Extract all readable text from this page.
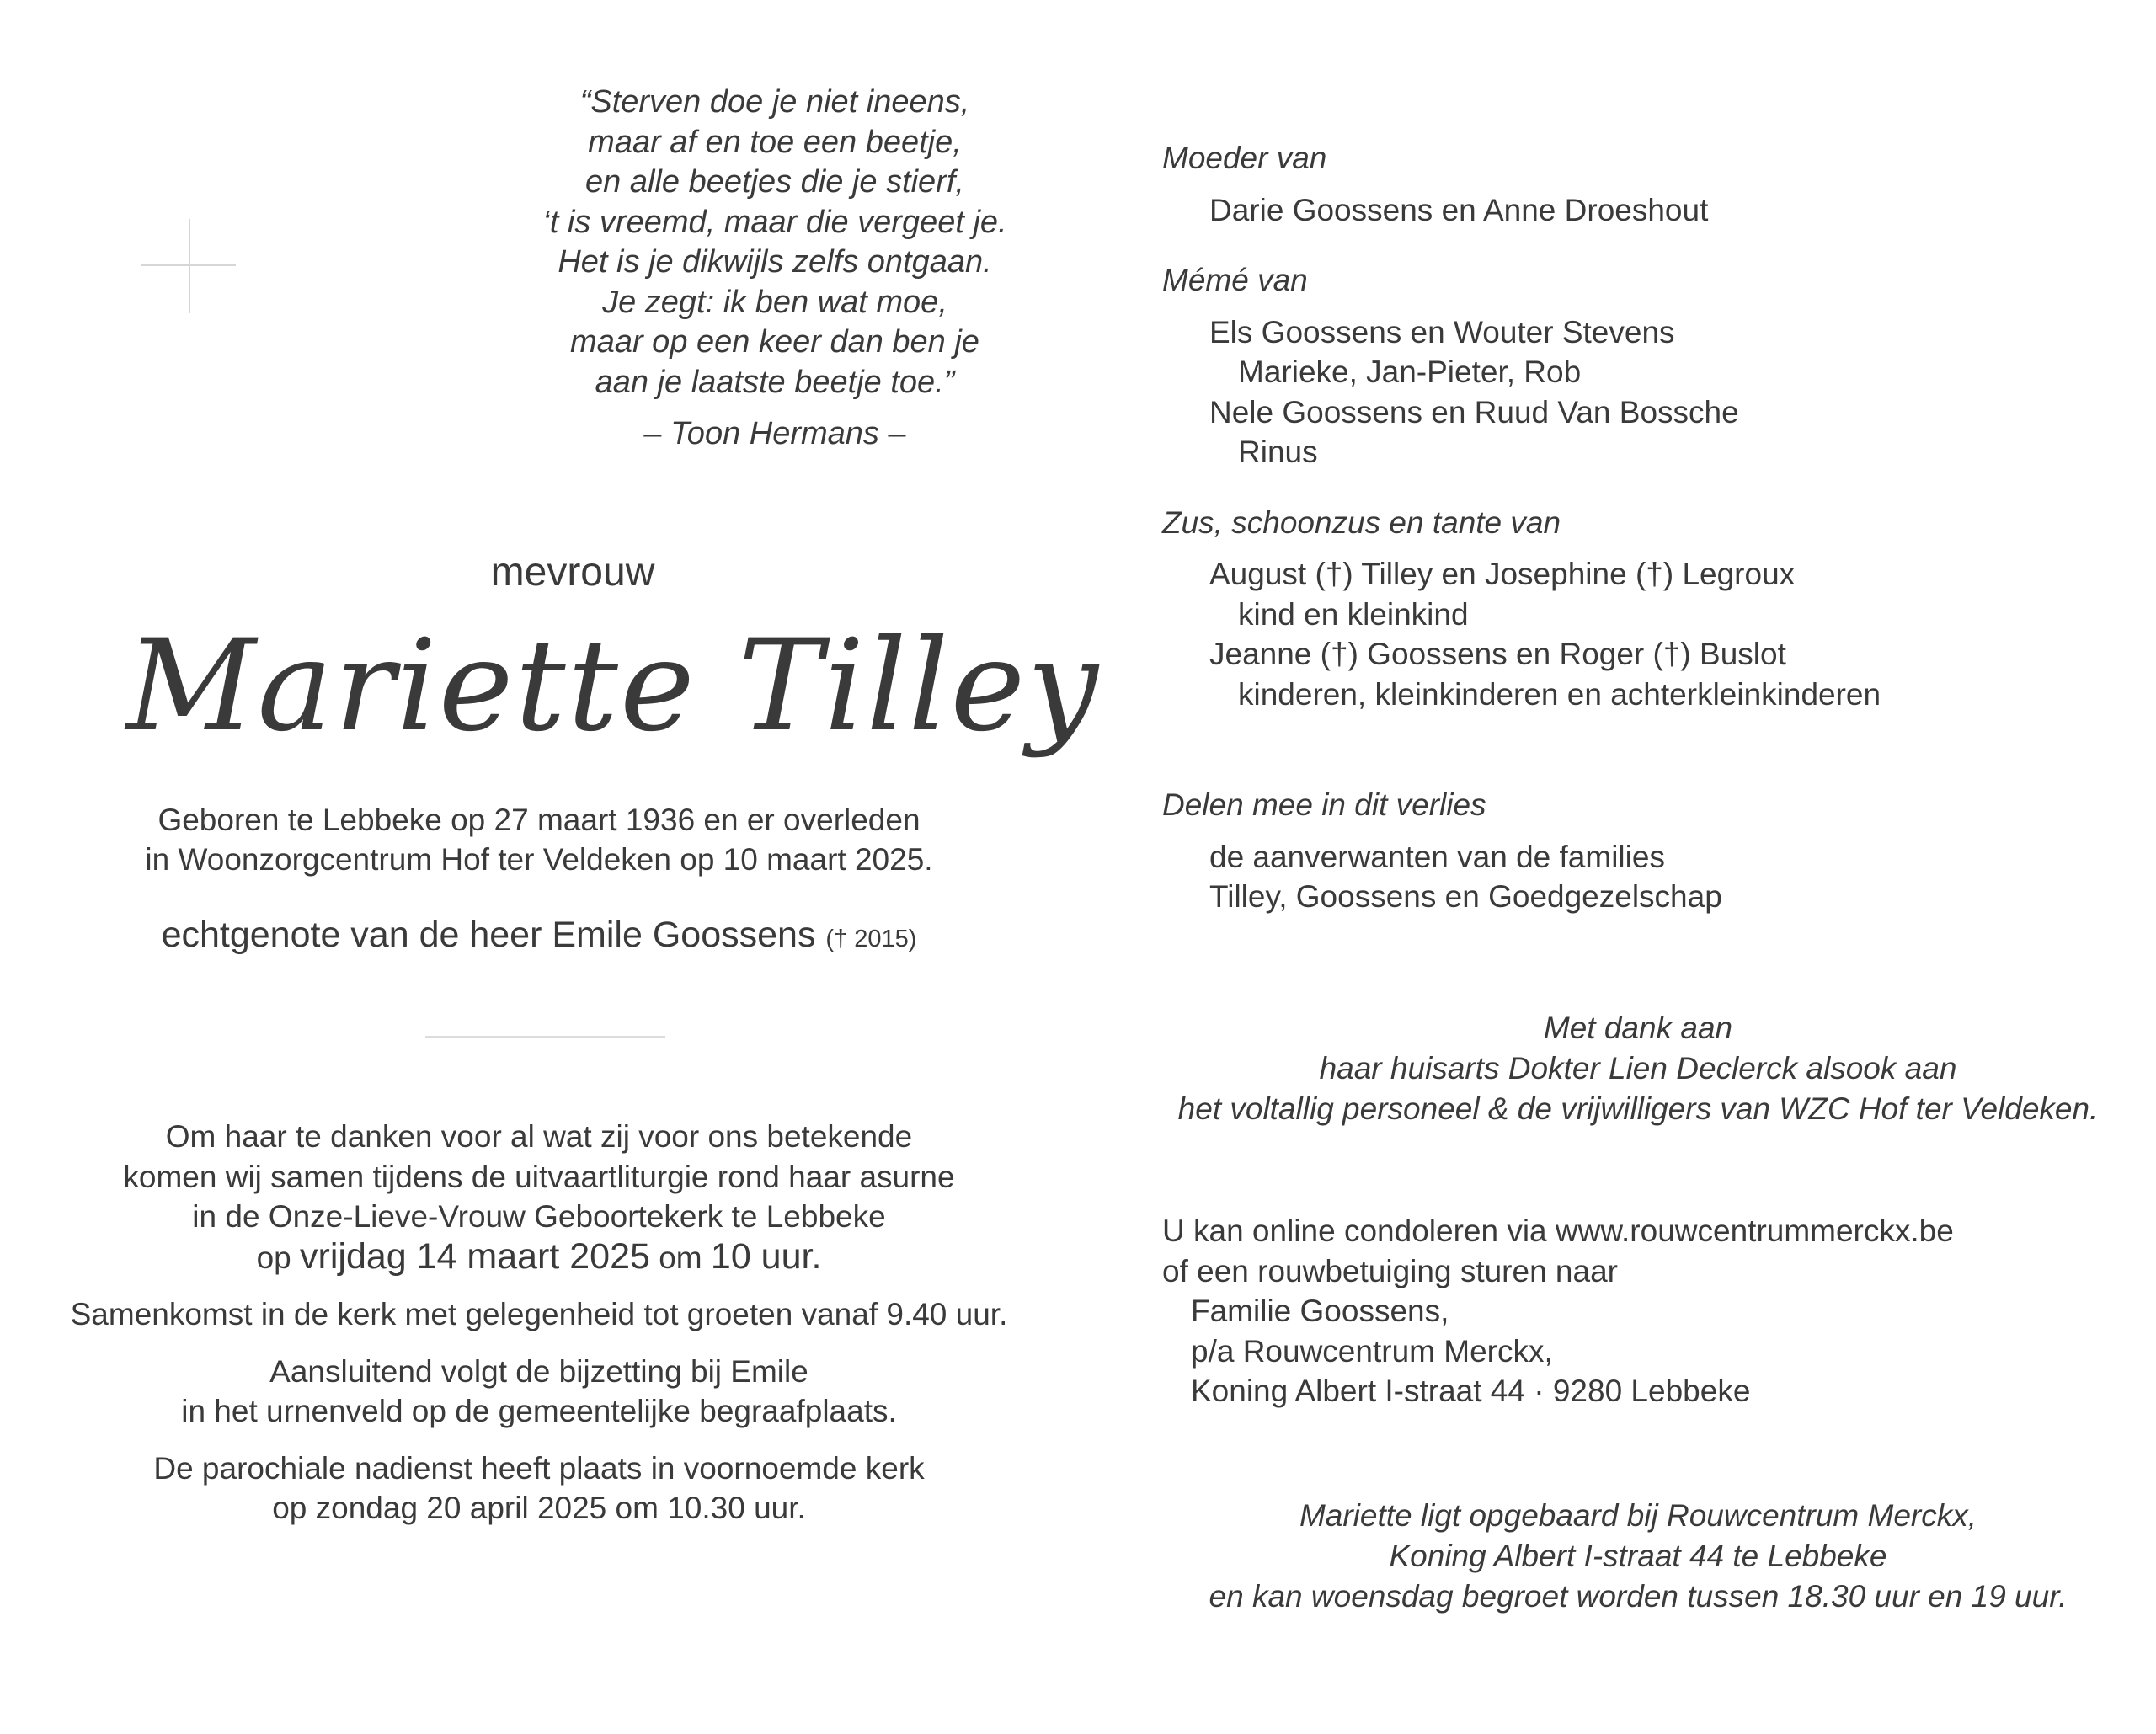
“Sterven doe je niet ineens,
maar af en toe een beetje,
en alle beetjes die je stierf,
‘t is vreemd, maar die vergeet je.
Het is je dikwijls zelfs ontgaan.
Je zegt: ik ben wat moe,
maar op een keer dan ben je
aan je laatste beetje toe.”
– Toon Hermans –
mevrouw
Mariette Tilley
Geboren te Lebbeke op 27 maart 1936 en er overleden
in Woonzorgcentrum Hof ter Veldeken op 10 maart 2025.
echtgenote van de heer Emile Goossens († 2015)
Om haar te danken voor al wat zij voor ons betekende
komen wij samen tijdens de uitvaartliturgie rond haar asurne
in de Onze-Lieve-Vrouw Geboortekerk te Lebbeke
op vrijdag 14 maart 2025 om 10 uur.
Samenkomst in de kerk met gelegenheid tot groeten vanaf 9.40 uur.
Aansluitend volgt de bijzetting bij Emile
in het urnenveld op de gemeentelijke begraafplaats.
De parochiale nadienst heeft plaats in voornoemde kerk
op zondag 20 april 2025 om 10.30 uur.
Moeder van
Darie Goossens en Anne Droeshout
Mémé van
Els Goossens en Wouter Stevens
Marieke, Jan-Pieter, Rob
Nele Goossens en Ruud Van Bossche
Rinus
Zus, schoonzus en tante van
August (†) Tilley en Josephine (†) Legroux
kind en kleinkind
Jeanne (†) Goossens en Roger (†) Buslot
kinderen, kleinkinderen en achterkleinkinderen
Delen mee in dit verlies
de aanverwanten van de families
Tilley, Goossens en Goedgezelschap
Met dank aan
haar huisarts Dokter Lien Declerck alsook aan
het voltallig personeel & de vrijwilligers van WZC Hof ter Veldeken.
U kan online condoleren via www.rouwcentrummerckx.be
of een rouwbetuiging sturen naar
Familie Goossens,
p/a Rouwcentrum Merckx,
Koning Albert I-straat 44 · 9280 Lebbeke
Mariette ligt opgebaard bij Rouwcentrum Merckx,
Koning Albert I-straat 44 te Lebbeke
en kan woensdag begroet worden tussen 18.30 uur en 19 uur.
